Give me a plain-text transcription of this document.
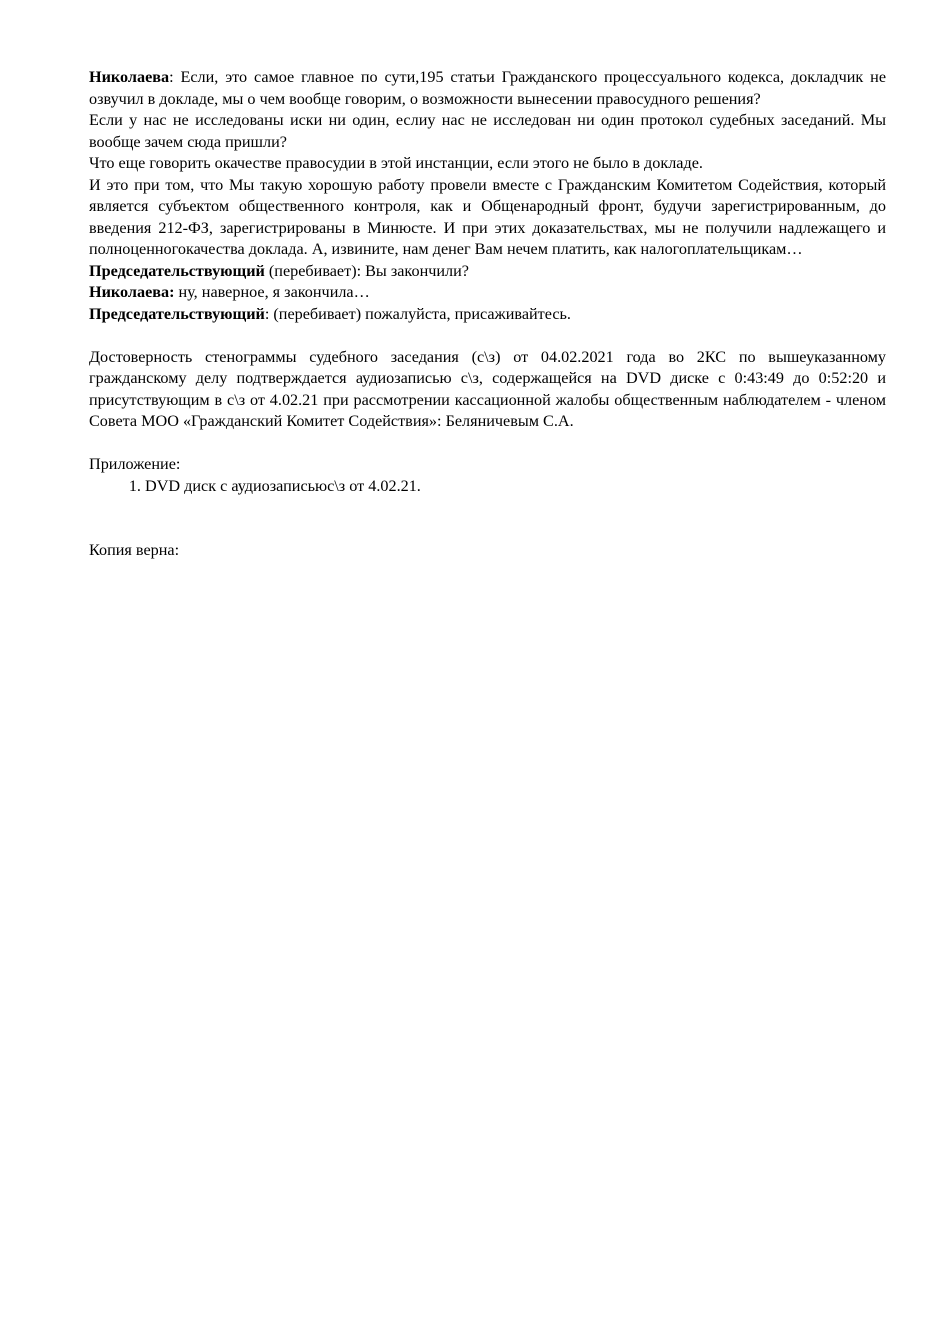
Николаева: Если, это самое главное по сути,195 статьи Гражданского процессуального кодекса, докладчик не озвучил в докладе, мы о чем вообще говорим, о возможности вынесении правосудного решения?

Если у нас не исследованы иски ни один, еслиу нас не исследован ни один протокол судебных заседаний. Мы вообще зачем сюда пришли?

Что еще говорить окачестве правосудии в этой инстанции, если этого не было в докладе.

И это при том, что Мы такую хорошую работу провели вместе с Гражданским Комитетом Содействия, который является субъектом общественного контроля, как и Общенародный фронт, будучи зарегистрированным, до введения 212-ФЗ, зарегистрированы в Минюсте. И при этих доказательствах, мы не получили надлежащего и полноценногокачества доклада. А, извините, нам денег Вам нечем платить, как налогоплательщикам…

Председательствующий (перебивает): Вы закончили?

Николаева: ну, наверное, я закончила…

Председательствующий: (перебивает) пожалуйста, присаживайтесь.

Достоверность стенограммы судебного заседания (с\з) от 04.02.2021 года во 2КС по вышеуказанному гражданскому делу подтверждается аудиозаписью с\з, содержащейся на DVD диске с 0:43:49 до 0:52:20 и присутствующим в с\з от 4.02.21 при рассмотрении кассационной жалобы общественным наблюдателем - членом Совета МОО «Гражданский Комитет Содействия»: Беляничевым С.А.

Приложение:

1. DVD диск с аудиозаписьюс\з от 4.02.21.

Копия верна:
